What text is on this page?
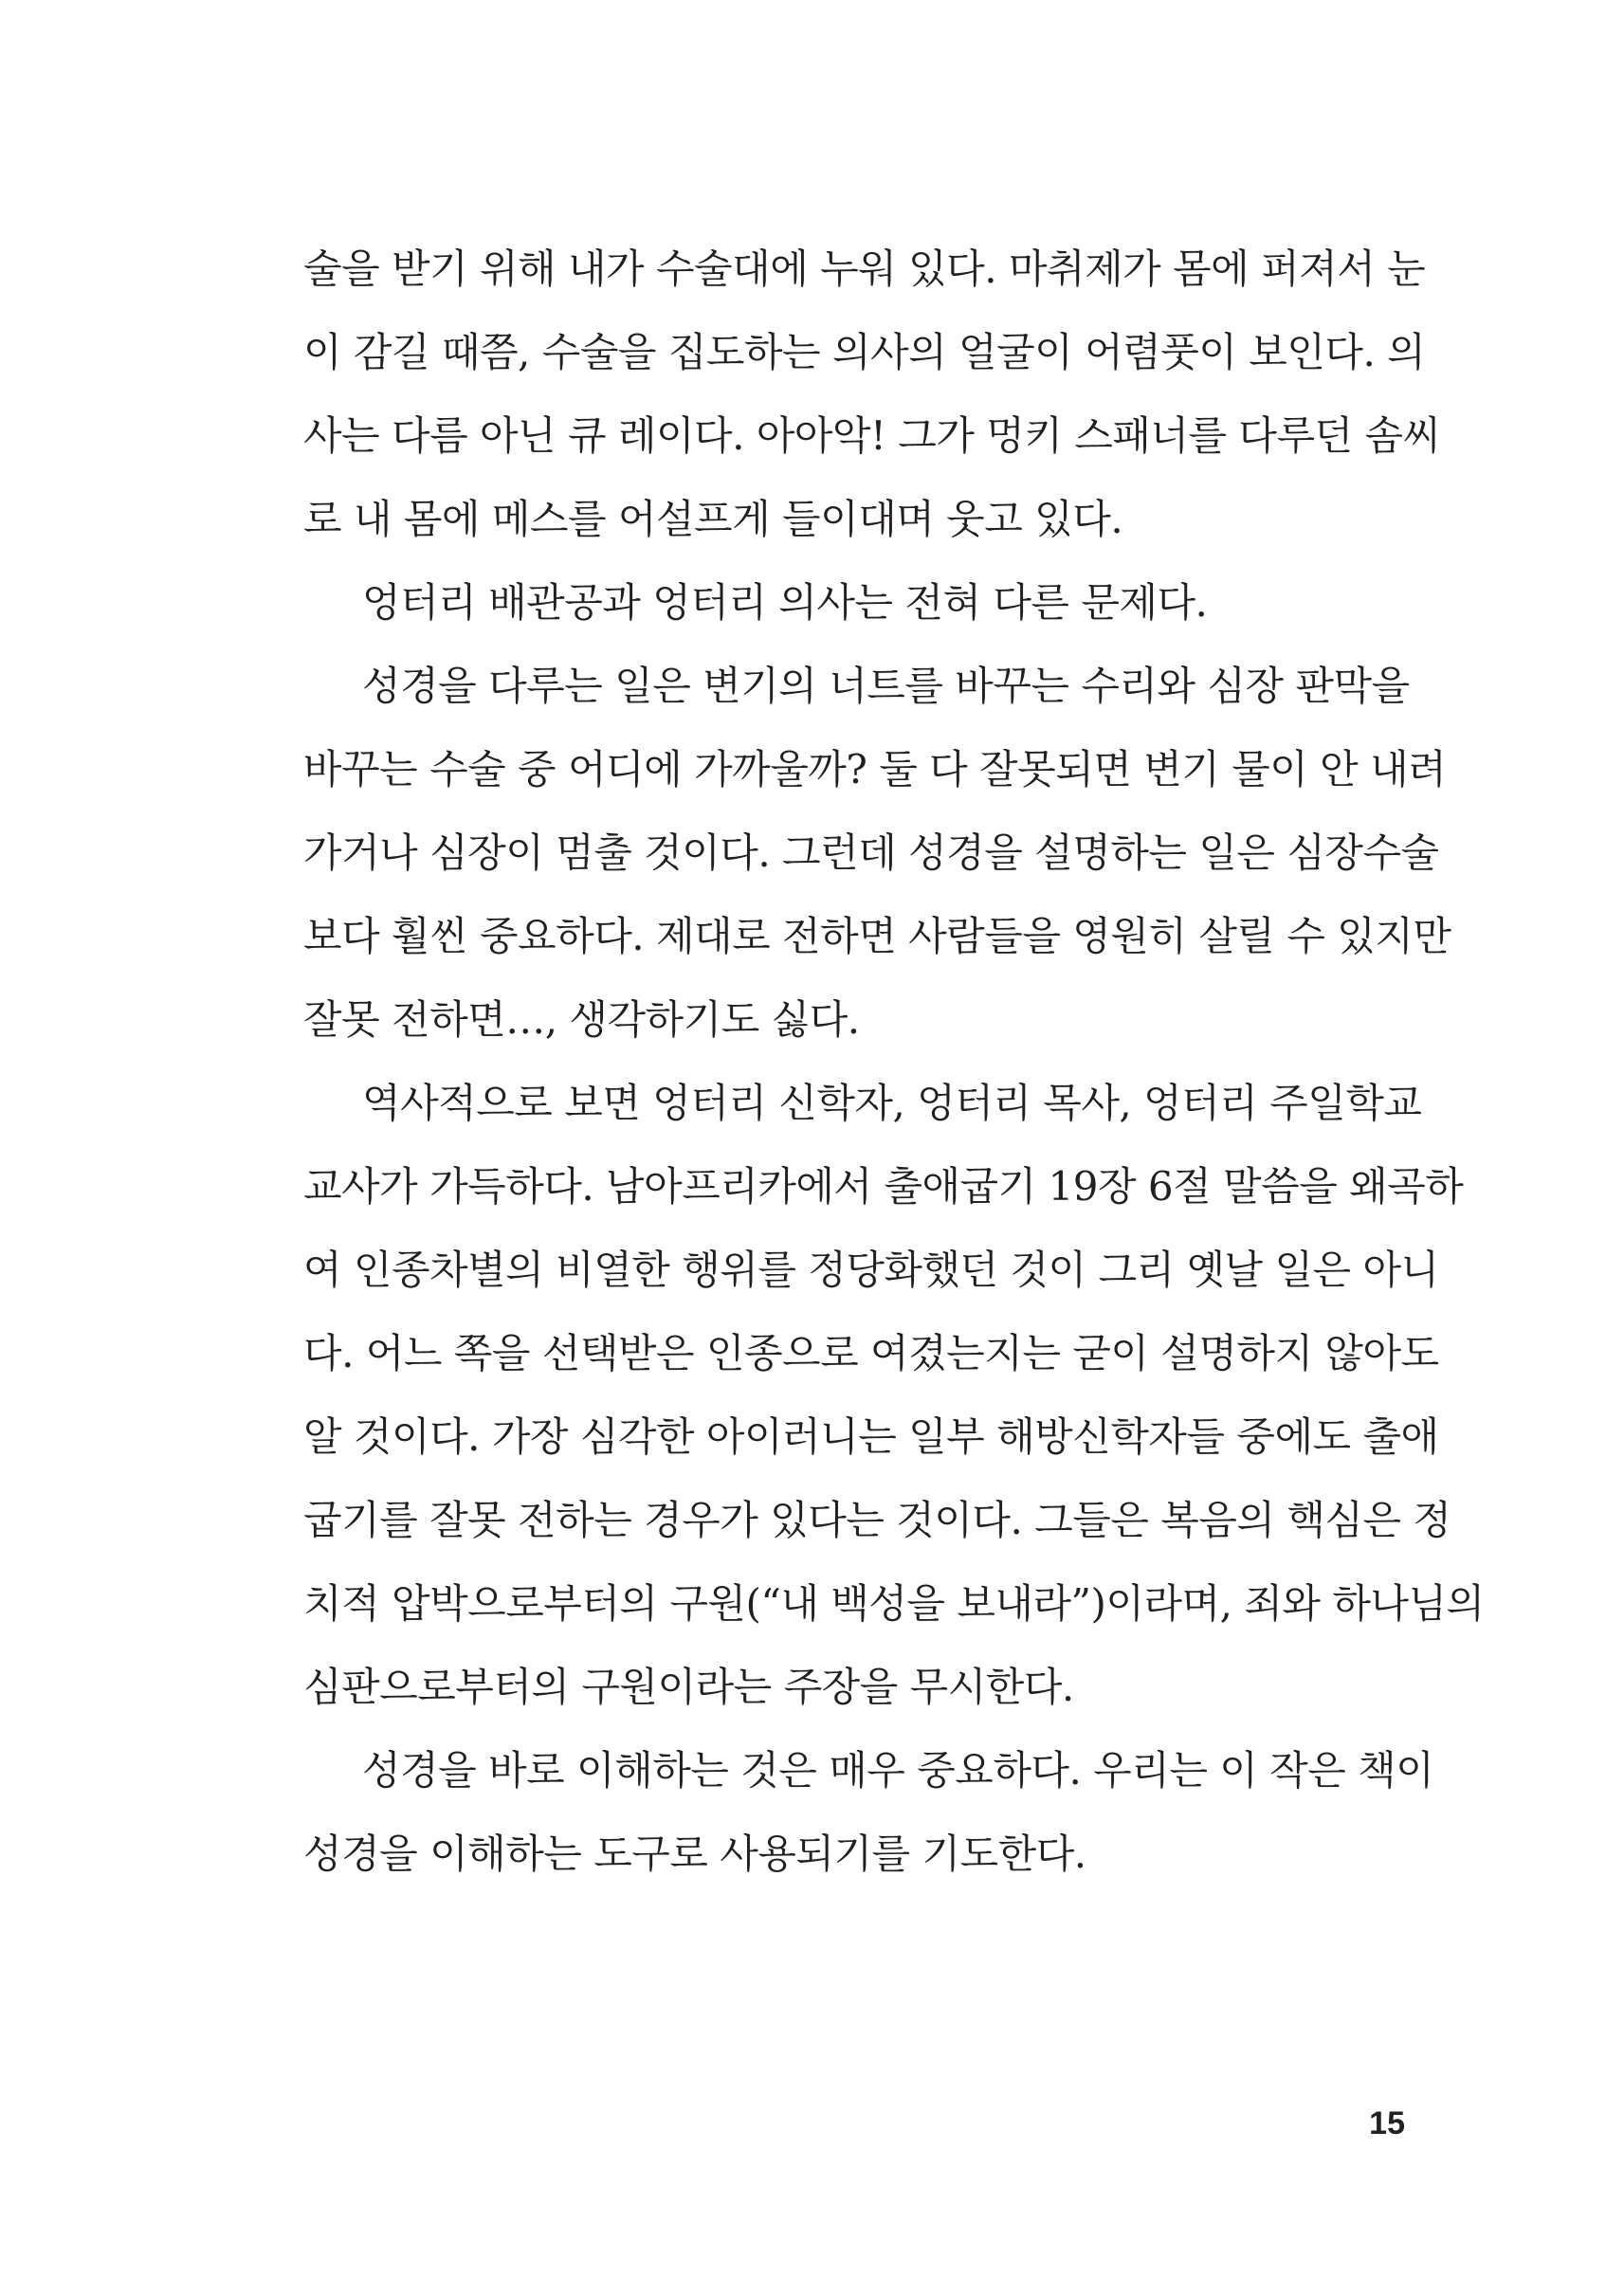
술을 받기 위해 내가 수술대에 누워 있다. 마취제가 몸에 퍼져서 눈
이 감길 때쯤, 수술을 집도하는 의사의 얼굴이 어렴풋이 보인다. 의
사는 다름 아닌 큐 레이다. 아아악! 그가 멍키 스패너를 다루던 솜씨
로 내 몸에 메스를 어설프게 들이대며 웃고 있다.
엉터리 배관공과 엉터리 의사는 전혀 다른 문제다.
성경을 다루는 일은 변기의 너트를 바꾸는 수리와 심장 판막을
바꾸는 수술 중 어디에 가까울까? 둘 다 잘못되면 변기 물이 안 내려
가거나 심장이 멈출 것이다. 그런데 성경을 설명하는 일은 심장수술
보다 훨씬 중요하다. 제대로 전하면 사람들을 영원히 살릴 수 있지만
잘못 전하면…, 생각하기도 싫다.
역사적으로 보면 엉터리 신학자, 엉터리 목사, 엉터리 주일학교
교사가 가득하다. 남아프리카에서 출애굽기 19장 6절 말씀을 왜곡하
여 인종차별의 비열한 행위를 정당화했던 것이 그리 옛날 일은 아니
다. 어느 쪽을 선택받은 인종으로 여겼는지는 굳이 설명하지 않아도
알 것이다. 가장 심각한 아이러니는 일부 해방신학자들 중에도 출애
굽기를 잘못 전하는 경우가 있다는 것이다. 그들은 복음의 핵심은 정
치적 압박으로부터의 구원(“내 백성을 보내라”)이라며, 죄와 하나님의
심판으로부터의 구원이라는 주장을 무시한다.
성경을 바로 이해하는 것은 매우 중요하다. 우리는 이 작은 책이
성경을 이해하는 도구로 사용되기를 기도한다.
15
